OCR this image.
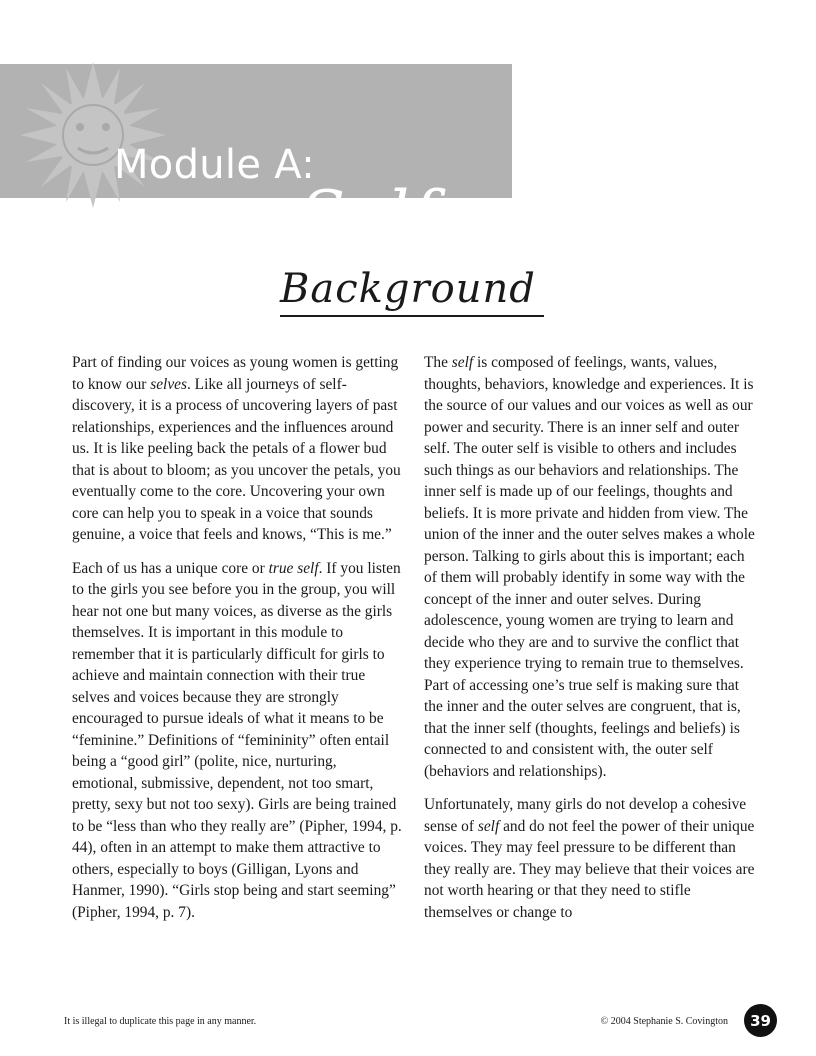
Module A:
Self
Background

Part of finding our voices as young women is getting to know our selves. Like all journeys of self-discovery, it is a process of uncovering layers of past relationships, experiences and the influences around us. It is like peeling back the petals of a flower bud that is about to bloom; as you uncover the petals, you eventually come to the core. Uncovering your own core can help you to speak in a voice that sounds genuine, a voice that feels and knows, “This is me.”

Each of us has a unique core or true self. If you listen to the girls you see before you in the group, you will hear not one but many voices, as diverse as the girls themselves. It is important in this module to remember that it is particularly difficult for girls to achieve and maintain connection with their true selves and voices because they are strongly encouraged to pursue ideals of what it means to be “feminine.” Definitions of “femininity” often entail being a “good girl” (polite, nice, nurturing, emotional, submissive, dependent, not too smart, pretty, sexy but not too sexy). Girls are being trained to be “less than who they really are” (Pipher, 1994, p. 44), often in an attempt to make them attractive to others, especially to boys (Gilligan, Lyons and Hanmer, 1990). “Girls stop being and start seeming” (Pipher, 1994, p. 7).

The self is composed of feelings, wants, values, thoughts, behaviors, knowledge and experiences. It is the source of our values and our voices as well as our power and security. There is an inner self and outer self. The outer self is visible to others and includes such things as our behaviors and relationships. The inner self is made up of our feelings, thoughts and beliefs. It is more private and hidden from view. The union of the inner and the outer selves makes a whole person. Talking to girls about this is important; each of them will probably identify in some way with the concept of the inner and outer selves. During adolescence, young women are trying to learn and decide who they are and to survive the conflict that they experience trying to remain true to themselves. Part of accessing one’s true self is making sure that the inner and the outer selves are congruent, that is, that the inner self (thoughts, feelings and beliefs) is connected to and consistent with, the outer self (behaviors and relationships).

Unfortunately, many girls do not develop a cohesive sense of self and do not feel the power of their unique voices. They may feel pressure to be different than they really are. They may believe that their voices are not worth hearing or that they need to stifle themselves or change to

It is illegal to duplicate this page in any manner.	© 2004 Stephanie S. Covington	39
